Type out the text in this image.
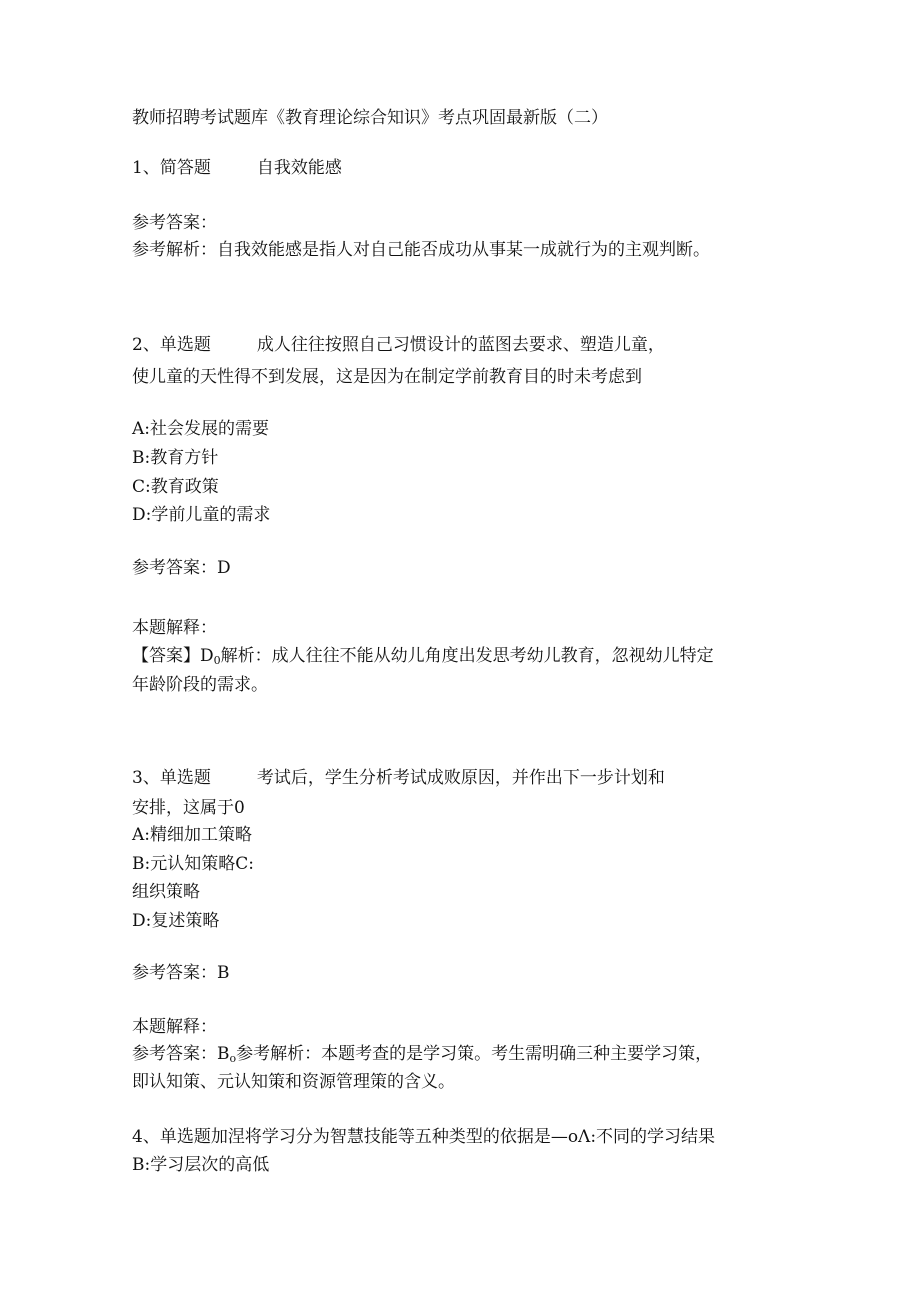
教师招聘考试题库《教育理论综合知识》考点巩固最新版（二）
1、简答题	自我效能感
参考答案：
参考解析：自我效能感是指人对自己能否成功从事某一成就行为的主观判断。
2、单选题	成人往往按照自己习惯设计的蓝图去要求、塑造儿童，
使儿童的天性得不到发展，这是因为在制定学前教育目的时未考虑到
A:社会发展的需要
B:教育方针
C:教育政策
D:学前儿童的需求
参考答案：D
本题解释：
【答案】$D_0$解析：成人往往不能从幼儿角度出发思考幼儿教育，忽视幼儿特定
年龄阶段的需求。
3、单选题	考试后，学生分析考试成败原因，并作出下一步计划和
安排，这属于0
A:精细加工策略
B:元认知策略C:
组织策略
D:复述策略
参考答案：B
本题解释：
参考答案：$B_o$参考解析：本题考查的是学习策。考生需明确三种主要学习策，
即认知策、元认知策和资源管理策的含义。
4、单选题加涅将学习分为智慧技能等五种类型的依据是—oΛ:不同的学习结果
B:学习层次的高低
